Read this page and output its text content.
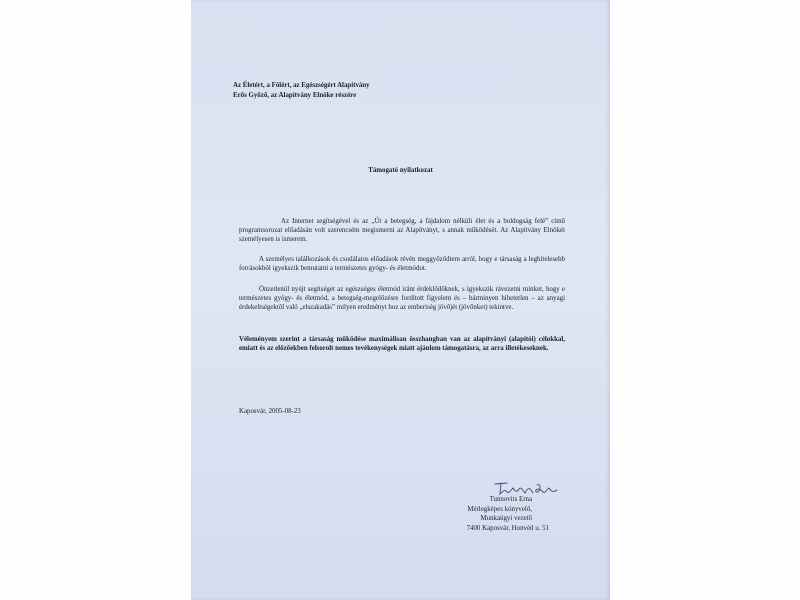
Az Életért, a Fölért, az Egészségért Alapítvány
Erős Győző, az Alapítvány Elnöke részére
Támogató nyilatkozat
Az Internet segítségével és az „Út a betegség, a fájdalom nélküli élet és a boldogság felé” című programsorozat előadásán volt szerencsém megismerni az Alapítványt, s annak működését. Az Alapítvány Elnökét személyesen is ismerem.
A személyes találkozások és csodálatos előadások révén meggyőződtem arról, hogy e társaság a leghitelesebb forrásokból igyekszik bemutatni a természetes gyógy- és életmódot.
Önzetlenül nyújt segítséget az egészséges életmód iránt érdeklődőknek, s igyekszik rávezetni minket, hogy e természetes gyógy- és életmód, a betegség-megelőzésre fordított figyelem és – bárminyen hihetetlen – az anyagi érdekeltségektől való „elszakadás” milyen eredményt hoz az emberiség jövőjét (jövőnket) tekintve.
Véleményem szerint a társaság működése maximálisan összhangban van az alapítványi (alapítói) célokkal, emiatt és az előzőekben felsorolt nemes tevékenységek miatt ajánlom támogatásra, az arra illetékeseknek.
Kaposvár, 2005-08-23
Tunnovits Erna
Mérlegképes könyvelő,
Munkaügyi vezető
7400 Kaposvár, Honvéd u. 51
